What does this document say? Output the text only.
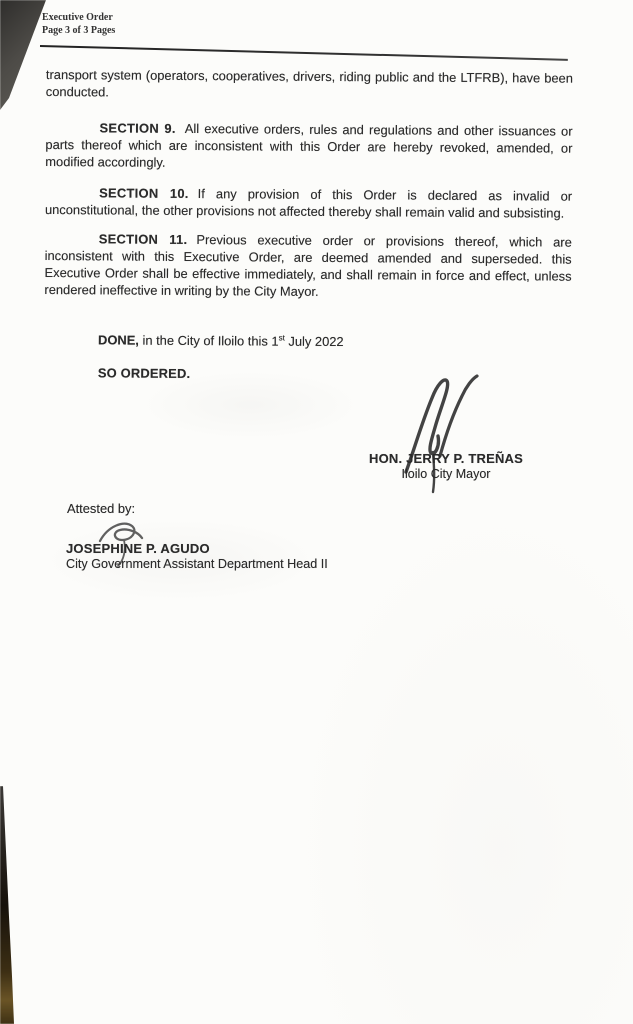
Executive Order
Page 3 of 3 Pages

transport system (operators, cooperatives, drivers, riding public and the LTFRB), have been conducted.

SECTION 9. All executive orders, rules and regulations and other issuances or parts thereof which are inconsistent with this Order are hereby revoked, amended, or modified accordingly.

SECTION 10. If any provision of this Order is declared as invalid or unconstitutional, the other provisions not affected thereby shall remain valid and subsisting.

SECTION 11. Previous executive order or provisions thereof, which are inconsistent with this Executive Order, are deemed amended and superseded. this Executive Order shall be effective immediately, and shall remain in force and effect, unless rendered ineffective in writing by the City Mayor.

DONE, in the City of Iloilo this 1st July 2022

SO ORDERED.

HON. JERRY P. TREÑAS
Iloilo City Mayor
Attested by:
JOSEPHINE P. AGUDO
City Government Assistant Department Head II
